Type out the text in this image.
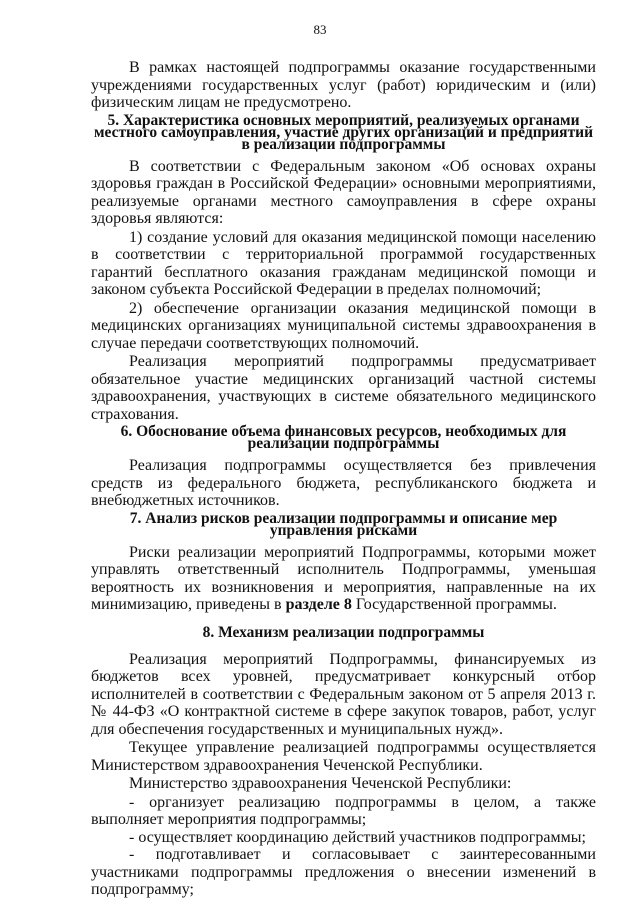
83

В рамках настоящей подпрограммы оказание государственными учреждениями государственных услуг (работ) юридическим и (или) физическим лицам не предусмотрено.

5. Характеристика основных мероприятий, реализуемых органами местного самоуправления, участие других организаций и предприятий в реализации подпрограммы

В соответствии с Федеральным законом «Об основах охраны здоровья граждан в Российской Федерации» основными мероприятиями, реализуемые органами местного самоуправления в сфере охраны здоровья являются:

1) создание условий для оказания медицинской помощи населению в соответствии с территориальной программой государственных гарантий бесплатного оказания гражданам медицинской помощи и законом субъекта Российской Федерации в пределах полномочий;

2) обеспечение организации оказания медицинской помощи в медицинских организациях муниципальной системы здравоохранения в случае передачи соответствующих полномочий.

Реализация мероприятий подпрограммы предусматривает обязательное участие медицинских организаций частной системы здравоохранения, участвующих в системе обязательного медицинского страхования.

6. Обоснование объема финансовых ресурсов, необходимых для реализации подпрограммы

Реализация подпрограммы осуществляется без привлечения средств из федерального бюджета, республиканского бюджета и внебюджетных источников.

7. Анализ рисков реализации подпрограммы и описание мер управления рисками

Риски реализации мероприятий Подпрограммы, которыми может управлять ответственный исполнитель Подпрограммы, уменьшая вероятность их возникновения и мероприятия, направленные на их минимизацию, приведены в разделе 8 Государственной программы.

8. Механизм реализации подпрограммы

Реализация мероприятий Подпрограммы, финансируемых из бюджетов всех уровней, предусматривает конкурсный отбор исполнителей в соответствии с Федеральным законом от 5 апреля 2013 г. № 44-ФЗ «О контрактной системе в сфере закупок товаров, работ, услуг для обеспечения государственных и муниципальных нужд».

Текущее управление реализацией подпрограммы осуществляется Министерством здравоохранения Чеченской Республики.

Министерство здравоохранения Чеченской Республики:

- организует реализацию подпрограммы в целом, а также выполняет мероприятия подпрограммы;

- осуществляет координацию действий участников подпрограммы;

- подготавливает и согласовывает с заинтересованными участниками подпрограммы предложения о внесении изменений в подпрограмму;
